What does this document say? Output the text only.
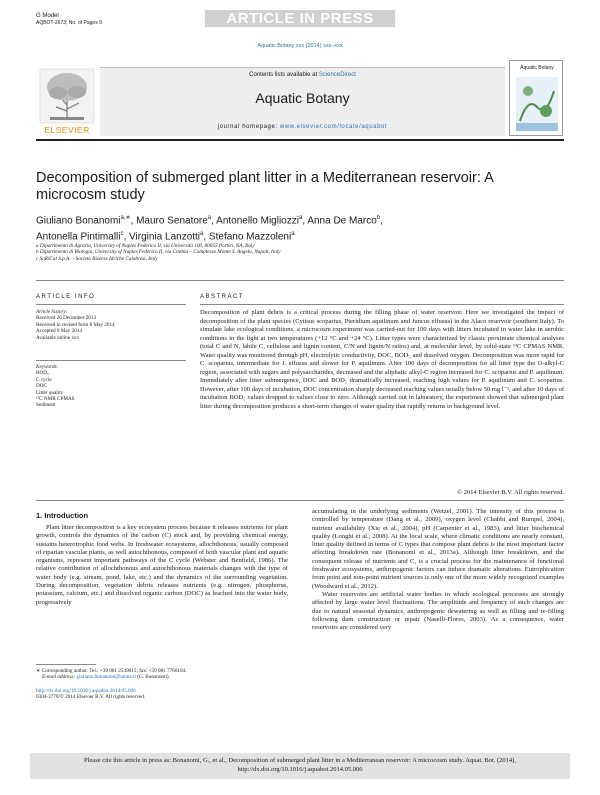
G Model
AQBOT-2673; No. of Pages 9	ARTICLE IN PRESS
Aquatic Botany xxx (2014) xxx–xxx
ELSEVIER
Contents lists available at ScienceDirect
Aquatic Botany
journal homepage: www.elsevier.com/locate/aquabot
Aquatic Botany
Decomposition of submerged plant litter in a Mediterranean reservoir: A microcosm study
Giuliano Bonanomi$^{a,∗}$, Mauro Senatore$^a$, Antonello Migliozzi$^a$, Anna De Marco$^b$,
Antonella Pintimalli$^c$, Virginia Lanzotti$^a$, Stefano Mazzoleni$^a$
a Dipartimento di Agraria, University of Naples Federico II, via Università 100, 80055 Portici, NA, Italy
b Dipartimento di Biologia, University of Naples Federico II, via Cinthia – Complesso Monte S. Angelo, Napoli, Italy
c SoRiCal S.p.A. – Società Risorse Idriche Calabresi, Italy
ARTICLE INFO
Article history:
Received 26 December 2013
Received in revised form 8 May 2014
Accepted 9 May 2014
Available online xxx
Keywords:
BOD₅
C cycle
DOC
Litter quality
¹³C NMR CPMAS
Sediment
ABSTRACT
Decomposition of plant debris is a critical process during the filling phase of water reservoir. Here we investigated the impact of decomposition of the plant species (Cytisus scoparius, Pteridium aquilinum and Juncus effusus) in the Alaco reservoir (southern Italy). To simulate lake ecological conditions, a microcosm experiment was carried-out for 100 days with litters incubated in water lake in aerobic conditions in the light at two temperatures (+12 °C and +24 °C). Litter types were characterized by classic proximate chemical analyses (total C and N, labile C, cellulose and lignin content, C/N and lignin/N ratios) and, at molecular level, by solid-state ¹³C CPMAS NMR. Water quality was monitored through pH, electrolytic conductivity, DOC, BOD₅ and dissolved oxygen. Decomposition was more rapid for C. scoparius, intermediate for J. effusus and slower for P. aquilinum. After 100 days of decomposition for all litter type the O-alkyl-C region, associated with sugars and polysaccharides, decreased and the aliphatic alkyl-C region increased for C. scoparius and P. aquilinum. Immediately after litter submergence, DOC and BOD₅ dramatically increased, reaching high values for P. aquilinum and C. scoparius. However, after 100 days of incubation, DOC concentration sharply decreased reaching values usually below 50 mg l⁻¹, and after 10 days of incubation BOD₅ values dropped to values close to zero. Although carried out in laboratory, the experiment showed that submerged plant litter during decomposition produces a short-term changes of water quality that rapidly returns to background level.
© 2014 Elsevier B.V. All rights reserved.
1. Introduction

Plant litter decomposition is a key ecosystem process because it releases nutrients for plant growth, controls the dynamics of the carbon (C) stock and, by providing chemical energy, sustains heterotrophic food webs. In freshwater ecosystems, allochthonous, usually composed of riparian vascular plants, as well autochthonous, composed of both vascular plant and aquatic organisms, represent important pathways of the C cycle (Webster and Benfield, 1986). The relative contribution of allochthonous and autochthonous materials changes with the type of water body (e.g. stream, pond, lake, etc.) and the dynamics of the surrounding vegetation. During decomposition, vegetation debris releases nutrients (e.g. nitrogen, phosphorus, potassium, calcium, etc.) and dissolved organic carbon (DOC) as leached into the water body, progressively

accumulating in the underlying sediments (Wetzel, 2001). The intensity of this process is controlled by temperature (Dang et al., 2009), oxygen level (Chabbi and Rumpel, 2004), nutrient availability (Xie et al., 2004), pH (Carpenter et al., 1983), and litter biochemical quality (Longhi et al., 2008). At the local scale, where climatic conditions are nearly constant, litter quality defined in terms of C types that compose plant debris is the most important factor affecting breakdown rate (Bonanomi et al., 2013a). Although litter breakdown, and the consequent release of nutrients and C, is a crucial process for the maintenance of functional freshwater ecosystems, anthropogenic factors can induce dramatic alterations. Eutrophication from point and non-point nutrient sources is only one of the more widely recognized examples (Woodward et al., 2012).

Water reservoirs are artificial water bodies in which ecological processes are strongly affected by large water level fluctuations. The amplitude and frequency of such changes are due to natural seasonal dynamics, anthropogenic dewatering as well as filling and re-filling following dam construction or repair (Naselli-Flores, 2003). As a consequence, water reservoirs are considered very

∗ Corresponding author. Tel.: +39 081 2539015; fax: +39 081 7760104.
E-mail address: giuliano.bonanomi@unina.it (G. Bonanomi).
http://dx.doi.org/10.1016/j.aquabot.2014.05.006
0304-3770/© 2014 Elsevier B.V. All rights reserved.
Please cite this article in press as: Bonanomi, G., et al., Decomposition of submerged plant litter in a Mediterranean reservoir: A microcosm study. Aquat. Bot. (2014), http://dx.doi.org/10.1016/j.aquabot.2014.05.006
